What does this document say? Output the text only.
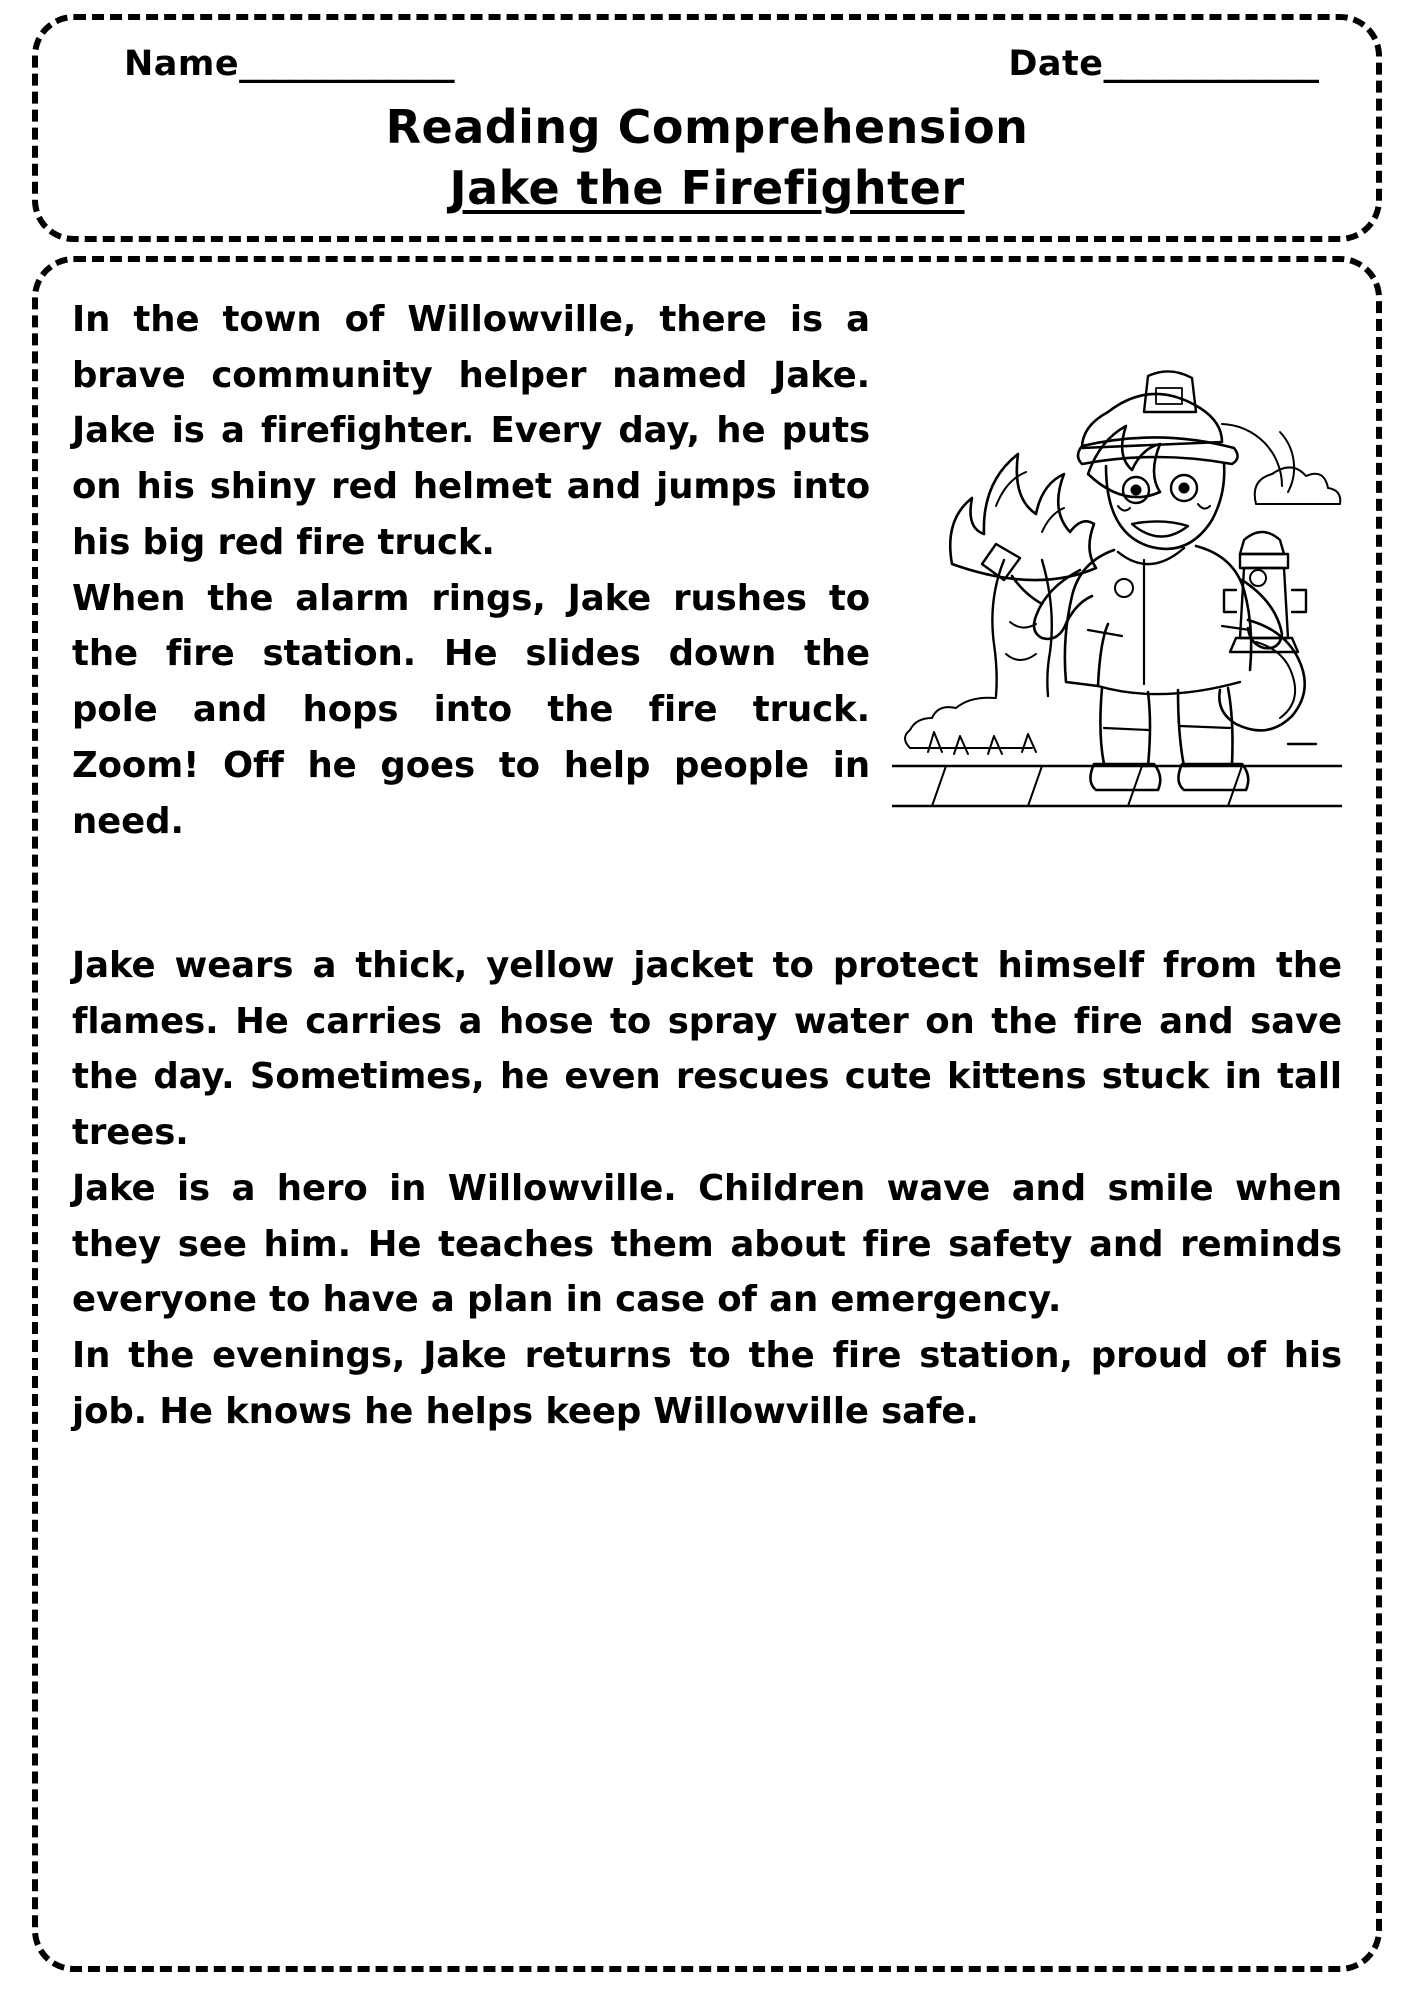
Name_____________	Date_____________
Reading Comprehension
Jake the Firefighter

In the town of Willowville, there is a brave community helper named Jake. Jake is a firefighter. Every day, he puts on his shiny red helmet and jumps into his big red fire truck.

When the alarm rings, Jake rushes to the fire station. He slides down the pole and hops into the fire truck. Zoom! Off he goes to help people in need.

Jake wears a thick, yellow jacket to protect himself from the flames. He carries a hose to spray water on the fire and save the day. Sometimes, he even rescues cute kittens stuck in tall trees.

Jake is a hero in Willowville. Children wave and smile when they see him. He teaches them about fire safety and reminds everyone to have a plan in case of an emergency.

In the evenings, Jake returns to the fire station, proud of his job. He knows he helps keep Willowville safe.
